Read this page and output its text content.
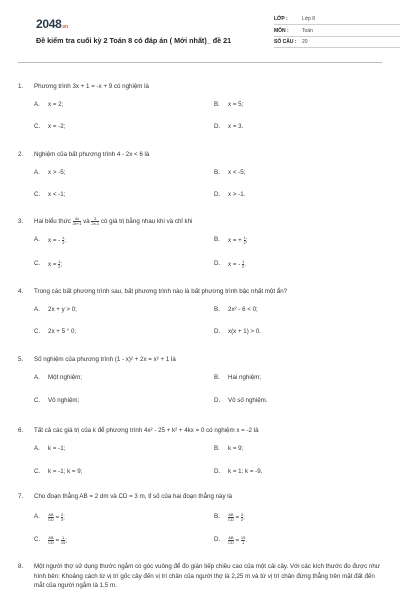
2048.vn
Đề kiểm tra cuối kỳ 2 Toán 8 có đáp án ( Mới nhất)_ đề 21
LỚP :	Lớp 8
MÔN :	Toán
SỐ CÂU :	20
1.	Phương trình 3x + 1 = -x + 9 có nghiệm là
A.	x = 2;	B.	x = 5;
C.	x = -2;	D.	x = 3.
2.	Nghiệm của bất phương trình 4 - 2x < 6 là
A.	x > -5;	B.	x < -5;
C.	x < -1;	D.	x > -1.
3.	Hai biểu thức $\frac{4x}{2x+1}$ và $\frac{3}{2x-1}$ có giá trị bằng nhau khi và chỉ khi
A.	x = - $\frac{1}{2}$ ;	B.	x = + $\frac{1}{2}$ ;
C.	$x = \frac{1}{2}$ ;	D.	x = - $\frac{1}{2}$ .
4.	Trong các bất phương trình sau, bất phương trình nào là bất phương trình bậc nhất một ẩn?
A.	2x + y > 0;	B.	2x² - 6 < 0;
C.	2x + 5 ° 0;	D.	x(x + 1) > 0.
5.	Số nghiệm của phương trình (1 - x)² + 2x = x² + 1 là
A.	Một nghiệm;	B.	Hai nghiệm;
C.	Vô nghiệm;	D.	Vô số nghiệm.
6.	Tất cả các giá trị của k để phương trình 4x² - 25 + k² + 4kx = 0 có nghiệm x = -2 là
A.	k = -1;	B.	k = 9;
C.	k = -1; k = 9;	D.	k = 1; k = -9.
7.	Cho đoạn thẳng AB = 2 dm và CD = 3 m, tỉ số của hai đoạn thẳng này là
A.	$\frac{AB}{CD} = \frac{2}{3}$ ;	B.	$\frac{AB}{CD} = \frac{3}{2}$ ;
C.	$\frac{AB}{CD} = \frac{1}{15}$ ;	D.	$\frac{AB}{CD} = \frac{15}{1}$ .
8.	Một người thợ sử dụng thước ngắm có góc vuông để đo gián tiếp chiều cao của một cái cây. Với các kích thước đo được như hình bên: Khoảng cách từ vị trí gốc cây đến vị trí chân của người thợ là 2,25 m và từ vị trí chân đứng thẳng trên mặt đất đến mắt của người ngắm là 1,5 m.
